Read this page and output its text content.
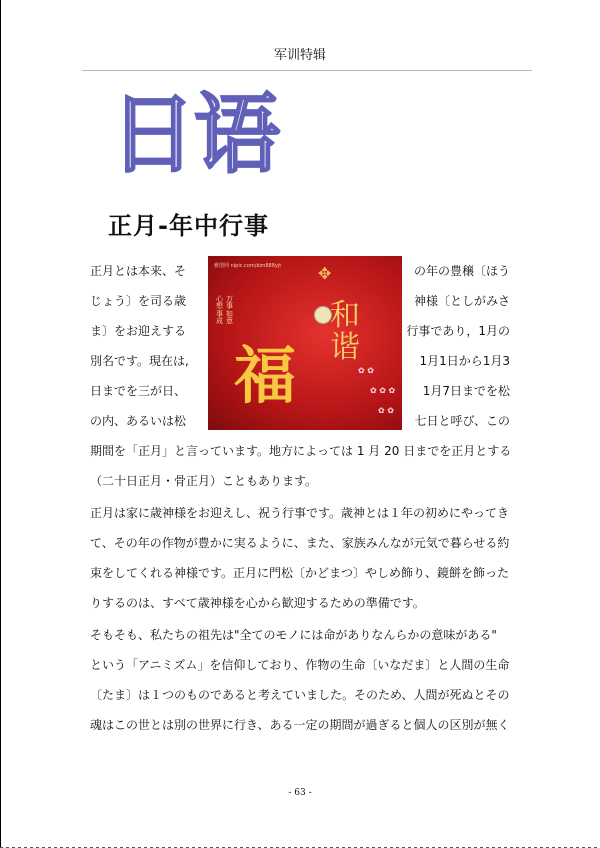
军训特辑
日语
正月-年中行事
正月とは本来、そ	の年の豊穣〔ほう
じょう〕を司る歳	神様〔としがみさ
ま〕をお迎えする	行事であり，1月の
別名です。現在は,	1月1日から1月3
日までを三が日、	1月7日までを松
の内、あるいは松	七日と呼び、この
雅图网 nipic.com/dzn888yjt ✥
心想事成
万事如意
福
和
谐
✿ ✿
✿ ✿ ✿
✿ ✿
期間を「正月」と言っています。地方によっては 1 月 20 日までを正月とする
（二十日正月・骨正月）こともあります。
正月は家に歳神様をお迎えし、祝う行事です。歳神とは１年の初めにやってき
て、その年の作物が豊かに実るように、また、家族みんなが元気で暮らせる約
束をしてくれる神様です。正月に門松〔かどまつ〕やしめ飾り、鏡餅を飾った
りするのは、すべて歳神様を心から歓迎するための準備です。
そもそも、私たちの祖先は"全てのモノには命がありなんらかの意味がある"
という「アニミズム」を信仰しており、作物の生命〔いなだま〕と人間の生命
〔たま〕は１つのものであると考えていました。そのため、人間が死ぬとその
魂はこの世とは別の世界に行き、ある一定の期間が過ぎると個人の区別が無く
- 63 -
